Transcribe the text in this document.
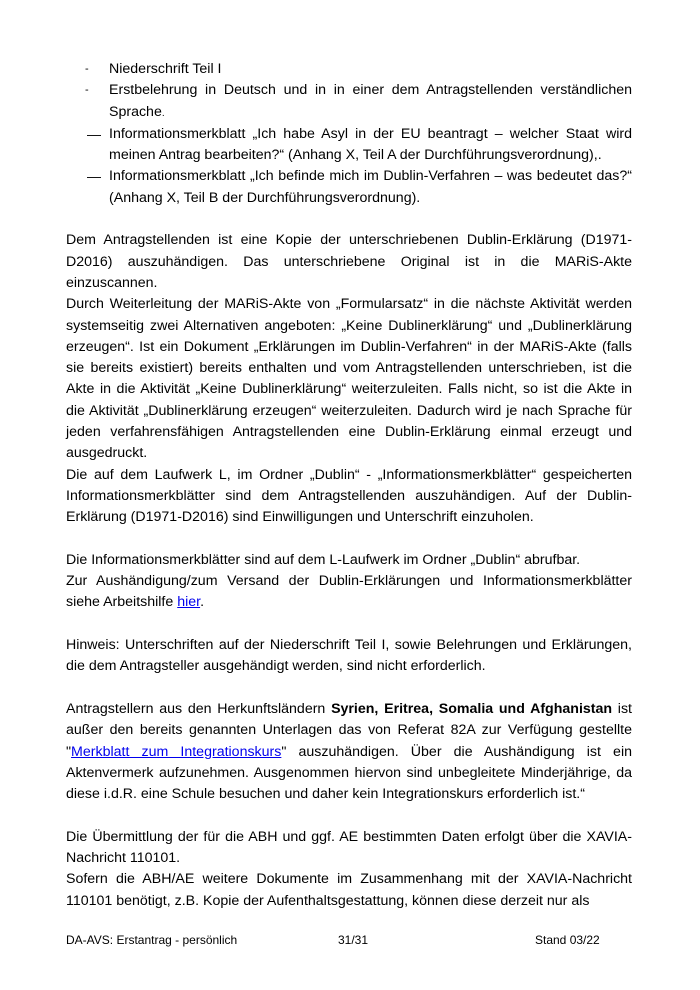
- Niederschrift Teil I
- Erstbelehrung in Deutsch und in in einer dem Antragstellenden verständlichen Sprache.
— Informationsmerkblatt „Ich habe Asyl in der EU beantragt – welcher Staat wird meinen Antrag bearbeiten?“ (Anhang X, Teil A der Durchführungsverordnung),.
— Informationsmerkblatt „Ich befinde mich im Dublin-Verfahren – was bedeutet das?“ (Anhang X, Teil B der Durchführungsverordnung).

Dem Antragstellenden ist eine Kopie der unterschriebenen Dublin-Erklärung (D1971-D2016) auszuhändigen. Das unterschriebene Original ist in die MARiS-Akte einzuscannen.

Durch Weiterleitung der MARiS-Akte von „Formularsatz“ in die nächste Aktivität werden systemseitig zwei Alternativen angeboten: „Keine Dublinerklärung“ und „Dublinerklärung erzeugen“. Ist ein Dokument „Erklärungen im Dublin-Verfahren“ in der MARiS-Akte (falls sie bereits existiert) bereits enthalten und vom Antragstellenden unterschrieben, ist die Akte in die Aktivität „Keine Dublinerklärung“ weiterzuleiten. Falls nicht, so ist die Akte in die Aktivität „Dublinerklärung erzeugen“ weiterzuleiten. Dadurch wird je nach Sprache für jeden verfahrensfähigen Antragstellenden eine Dublin-Erklärung einmal erzeugt und ausgedruckt.

Die auf dem Laufwerk L, im Ordner „Dublin“ - „Informationsmerkblätter“ gespeicherten Informationsmerkblätter sind dem Antragstellenden auszuhändigen. Auf der Dublin-Erklärung (D1971-D2016) sind Einwilligungen und Unterschrift einzuholen.

Die Informationsmerkblätter sind auf dem L-Laufwerk im Ordner „Dublin“ abrufbar.

Zur Aushändigung/zum Versand der Dublin-Erklärungen und Informationsmerkblätter siehe Arbeitshilfe hier.

Hinweis: Unterschriften auf der Niederschrift Teil I, sowie Belehrungen und Erklärungen, die dem Antragsteller ausgehändigt werden, sind nicht erforderlich.

Antragstellern aus den Herkunftsländern Syrien, Eritrea, Somalia und Afghanistan ist außer den bereits genannten Unterlagen das von Referat 82A zur Verfügung gestellte "Merkblatt zum Integrationskurs" auszuhändigen. Über die Aushändigung ist ein Aktenvermerk aufzunehmen. Ausgenommen hiervon sind unbegleitete Minderjährige, da diese i.d.R. eine Schule besuchen und daher kein Integrationskurs erforderlich ist.“

Die Übermittlung der für die ABH und ggf. AE bestimmten Daten erfolgt über die XAVIA-Nachricht 110101.

Sofern die ABH/AE weitere Dokumente im Zusammenhang mit der XAVIA-Nachricht 110101 benötigt, z.B. Kopie der Aufenthaltsgestattung, können diese derzeit nur als

DA-AVS: Erstantrag - persönlich	31/31	Stand 03/22
